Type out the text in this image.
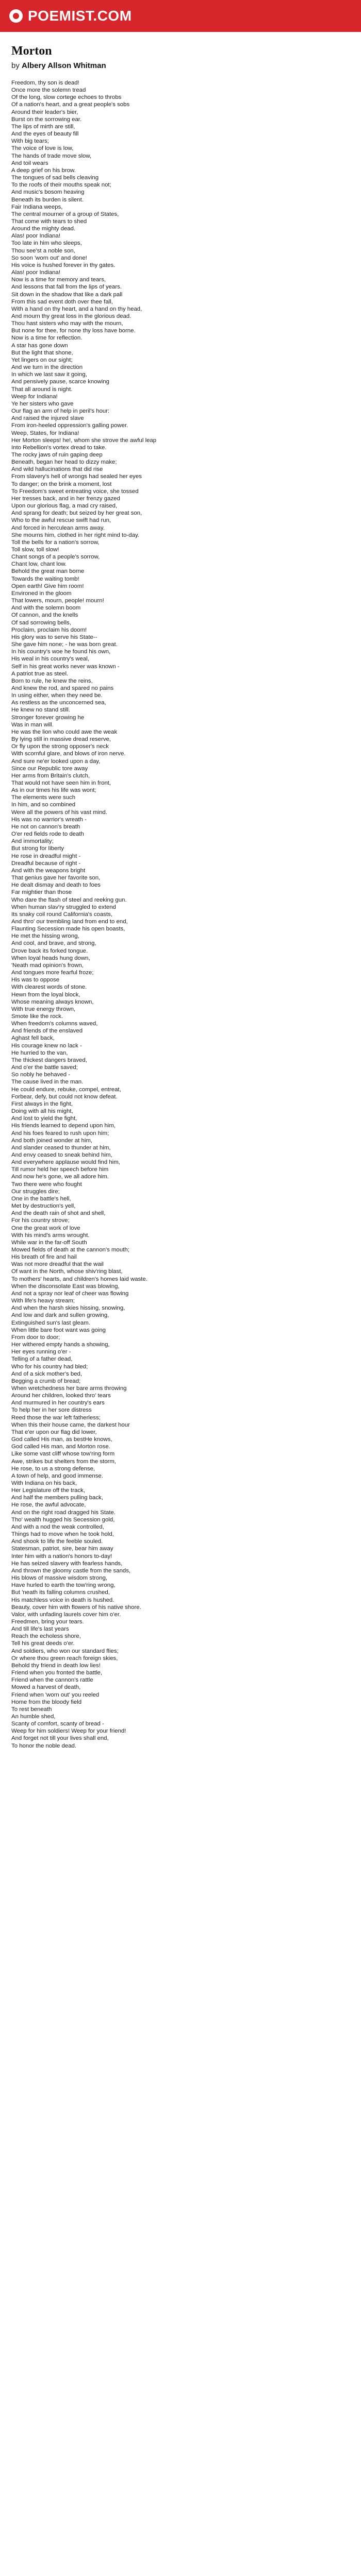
POEMIST.COM
Morton

by Albery Allson Whitman

Freedom, thy son is dead!
Once more the solemn tread
Of the long, slow cortege echoes to throbs
Of a nation's heart, and a great people's sobs
Around their leader's bier,
Burst on the sorrowing ear.
The lips of mirth are still,
And the eyes of beauty fill
With big tears;
The voice of love is low,
The hands of trade move slow,
And toil wears
A deep grief on his brow.
The tongues of sad bells cleaving
To the roofs of their mouths speak not;
And music's bosom heaving
Beneath its burden is silent.
Fair Indiana weeps,
The central mourner of a group of States,
That come with tears to shed
Around the mighty dead.
Alas! poor Indiana!
Too late in him who sleeps,
Thou see'st a noble son,
So soon 'worn out' and done!
His voice is hushed forever in thy gates.
Alas! poor Indiana!
Now is a time for memory and tears,
And lessons that fall from the lips of years.
Sit down in the shadow that like a dark pall
From this sad event doth over thee fall,
With a hand on thy heart, and a hand on thy head,
And mourn thy great loss in the glorious dead.
Thou hast sisters who may with the mourn,
But none for thee, for none thy loss have borne.
Now is a time for reflection.
A star has gone down
But the light that shone,
Yet lingers on our sight;
And we turn in the direction
In which we last saw it going,
And pensively pause, scarce knowing
That all around is night.
Weep for Indiana!
Ye her sisters who gave
Our flag an arm of help in peril's hour:
And raised the injured slave
From iron-heeled oppression's galling power.
Weep, States, for Indiana!
Her Morton sleeps! he!, whom she strove the awful leap
Into Rebellion's vortex dread to take.
The rocky jaws of ruin gaping deep
Beneath, began her head to dizzy make;
And wild hallucinations that did rise
From slavery's hell of wrongs had sealed her eyes
To danger; on the brink a moment, lost
To Freedom's sweet entreating voice, she tossed
Her tresses back, and in her frenzy gazed
Upon our glorious flag, a mad cry raised,
And sprang for death; but seized by her great son,
Who to the awful rescue swift had run,
And forced in herculean arms away.
She mourns him, clothed in her right mind to-day.
Toll the bells for a nation's sorrow,
Toll slow, toll slow!
Chant songs of a people's sorrow,
Chant low, chant low.
Behold the great man borne
Towards the waiting tomb!
Open earth! Give him room!
Environed in the gloom
That lowers, mourn, people! mourn!
And with the solemn boom
Of cannon, and the knells
Of sad sorrowing bells,
Proclaim, proclaim his doom!
His glory was to serve his State--
She gave him none; - he was born great.
In his country's woe he found his own,
His weal in his country's weal,
Self in his great works never was known -
A patriot true as steel.
Born to rule, he knew the reins,
And knew the rod, and spared no pains
In using either, when they need be.
As restless as the unconcerned sea,
He knew no stand still.
Stronger forever growing he
Was in man will.
He was the lion who could awe the weak
By lying still in massive dread reserve,
Or fly upon the strong opposer's neck
With scornful glare, and blows of iron nerve.
And sure ne'er looked upon a day,
Since our Republic tore away
Her arms from Britain's clutch,
That would not have seen him in front,
As in our times his life was wont;
The elements were such
In him, and so combined
Were all the powers of his vast mind.
His was no warrior's wreath -
He not on cannon's breath
O'er red fields rode to death
And immortality;
But strong for liberty
He rose in dreadful might -
Dreadful because of right -
And with the weapons bright
That genius gave her favorite son,
He dealt dismay and death to foes
Far mightier than those
Who dare the flash of steel and reeking gun.
When human slav'ry struggled to extend
Its snaky coil round California's coasts,
And thro' our trembling land from end to end,
Flaunting Secession made his open boasts,
He met the hissing wrong,
And cool, and brave, and strong,
Drove back its forked tongue.
When loyal heads hung down,
'Neath mad opinion's frown,
And tongues more fearful froze;
His was to oppose
With clearest words of stone.
Hewn from the loyal block,
Whose meaning always known,
With true energy thrown,
Smote like the rock.
When freedom's columns waved,
And friends of the enslaved
Aghast fell back,
His courage knew no lack -
He hurried to the van,
The thickest dangers braved,
And o'er the battle saved;
So nobly he behaved -
The cause lived in the man.
He could endure, rebuke, compel, entreat,
Forbear, defy, but could not know defeat.
First always in the fight,
Doing with all his might,
And lost to yield the fight,
His friends learned to depend upon him,
And his foes feared to rush upon him;
And both joined wonder at him,
And slander ceased to thunder at him,
And envy ceased to sneak behind him,
And everywhere applause would find him,
Till rumor held her speech before him
And now he's gone, we all adore him.
Two there were who fought
Our struggles dire;
One in the battle's hell,
Met by destruction's yell,
And the death rain of shot and shell,
For his country strove;
One the great work of love
With his mind's arms wrought.
While war in the far-off South
Mowed fields of death at the cannon's mouth;
His breath of fire and hail
Was not more dreadful that the wail
Of want in the North, whose shiv'ring blast,
To mothers' hearts, and children's homes laid waste.
When the disconsolate East was blowing,
And not a spray nor leaf of cheer was flowing
With life's heavy stream;
And when the harsh skies hissing, snowing,
And low and dark and sullen growing,
Extinguished sun's last gleam.
When little bare foot want was going
From door to door;
Her withered empty hands a showing,
Her eyes running o'er -
Telling of a father dead,
Who for his country had bled;
And of a sick mother's bed,
Begging a crumb of bread;
When wretchedness her bare arms throwing
Around her children, looked thro' tears
And murmured in her country's ears
To help her in her sore distress
Reed those the war left fatherless;
When this their house came, the darkest hour
That e'er upon our flag did lower,
God called His man, as bestHe knows,
God called His man, and Morton rose.
Like some vast cliff whose tow'ring form
Awe, strikes but shelters from the storm,
He rose, to us a strong defense,
A town of help, and good immense.
With Indiana on his back,
Her Legislature off the track,
And half the members pulling back,
He rose, the awful advocate,
And on the right road dragged his State.
Tho' wealth hugged his Secession gold,
And with a nod the weak controlled,
Things had to move when he took hold,
And shook to life the feeble souled.
Statesman, patriot, sire, bear him away
Inter him with a nation's honors to-day!
He has seized slavery with fearless hands,
And thrown the gloomy castle from the sands,
His blows of massive wisdom strong,
Have hurled to earth the tow'ring wrong,
But 'neath its falling columns crushed,
His matchless voice in death is hushed.
Beauty, cover him with flowers of his native shore.
Valor, with unfading laurels cover him o'er.
Freedmen, bring your tears.
And till life's last years
Reach the echoless shore,
Tell his great deeds o'er.
And soldiers, who won our standard flies;
Or where thou green reach foreign skies,
Behold thy friend in death low lies!
Friend when you fronted the battle,
Friend when the cannon's rattle
Mowed a harvest of death,
Friend when 'worn out' you reeled
Home from the bloody field
To rest beneath
An humble shed,
Scanty of comfort, scanty of bread -
Weep for him soldiers! Weep for your friend!
And forget not till your lives shall end,
To honor the noble dead.
